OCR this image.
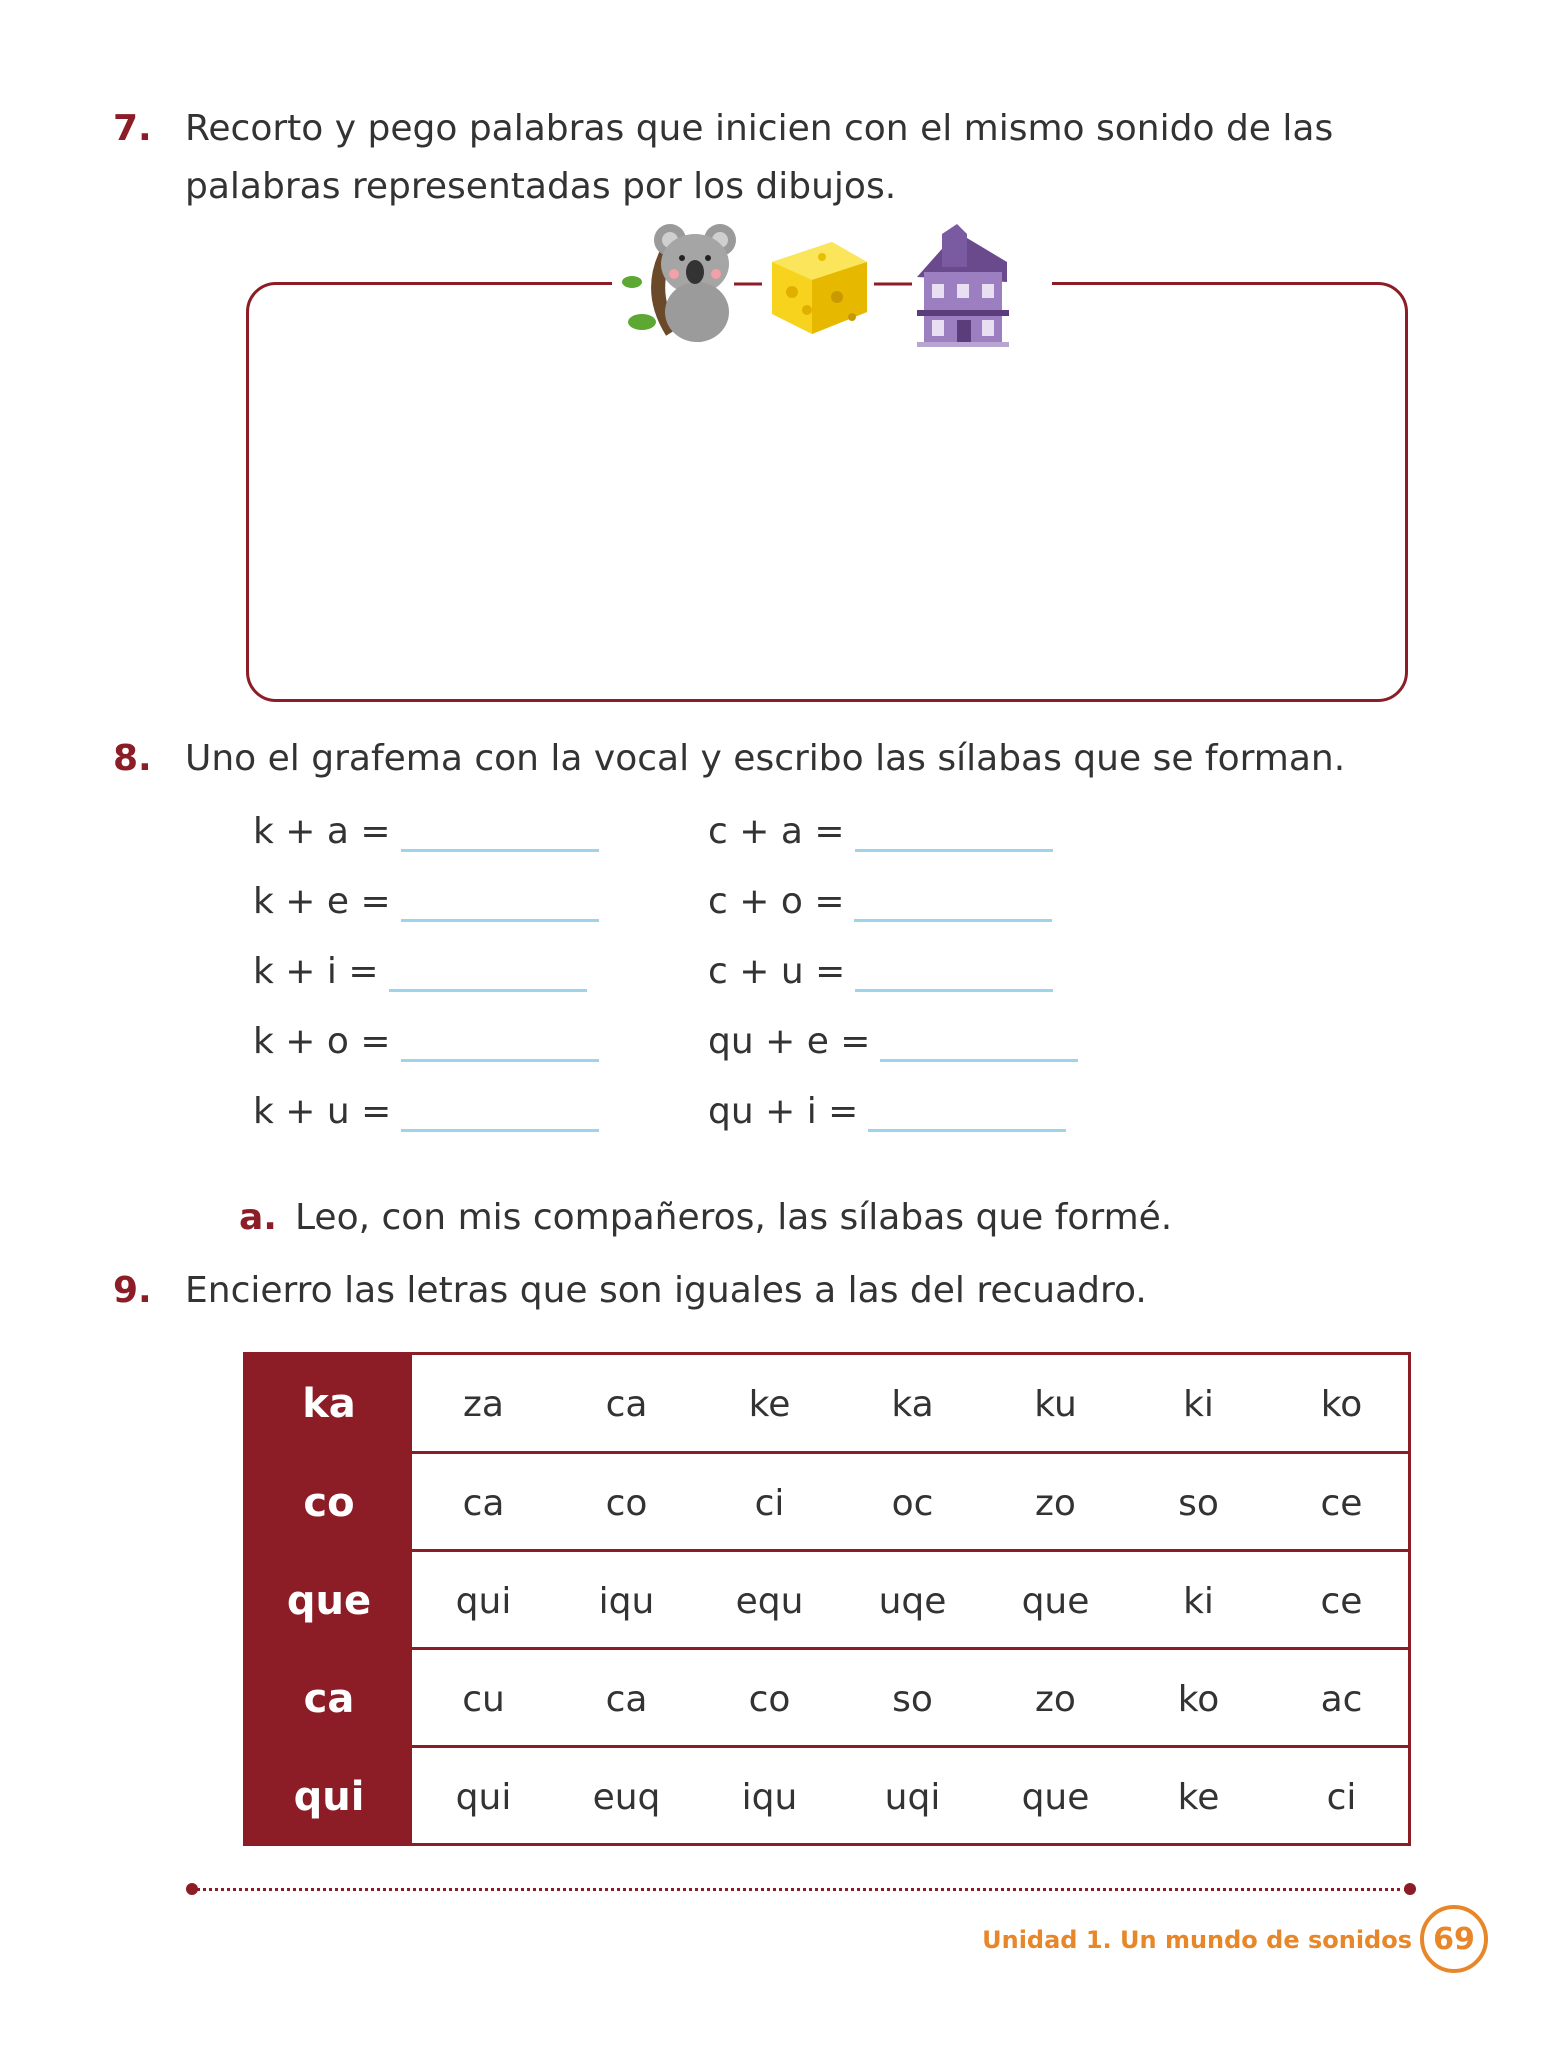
7. Recorto y pego palabras que inicien con el mismo sonido de las palabras representadas por los dibujos.
8. Uno el grafema con la vocal y escribo las sílabas que se forman.
k + a =
k + e =
k + i =
k + o =
k + u =
c + a =
c + o =
c + u =
qu + e =
qu + i =
a. Leo, con mis compañeros, las sílabas que formé.
9. Encierro las letras que son iguales a las del recuadro.
ka	za	ca	ke	ka	ku	ki	ko
co	ca	co	ci	oc	zo	so	ce
que	qui	iqu	equ	uqe	que	ki	ce
ca	cu	ca	co	so	zo	ko	ac
qui	qui	euq	iqu	uqi	que	ke	ci
Unidad 1. Un mundo de sonidos 69
